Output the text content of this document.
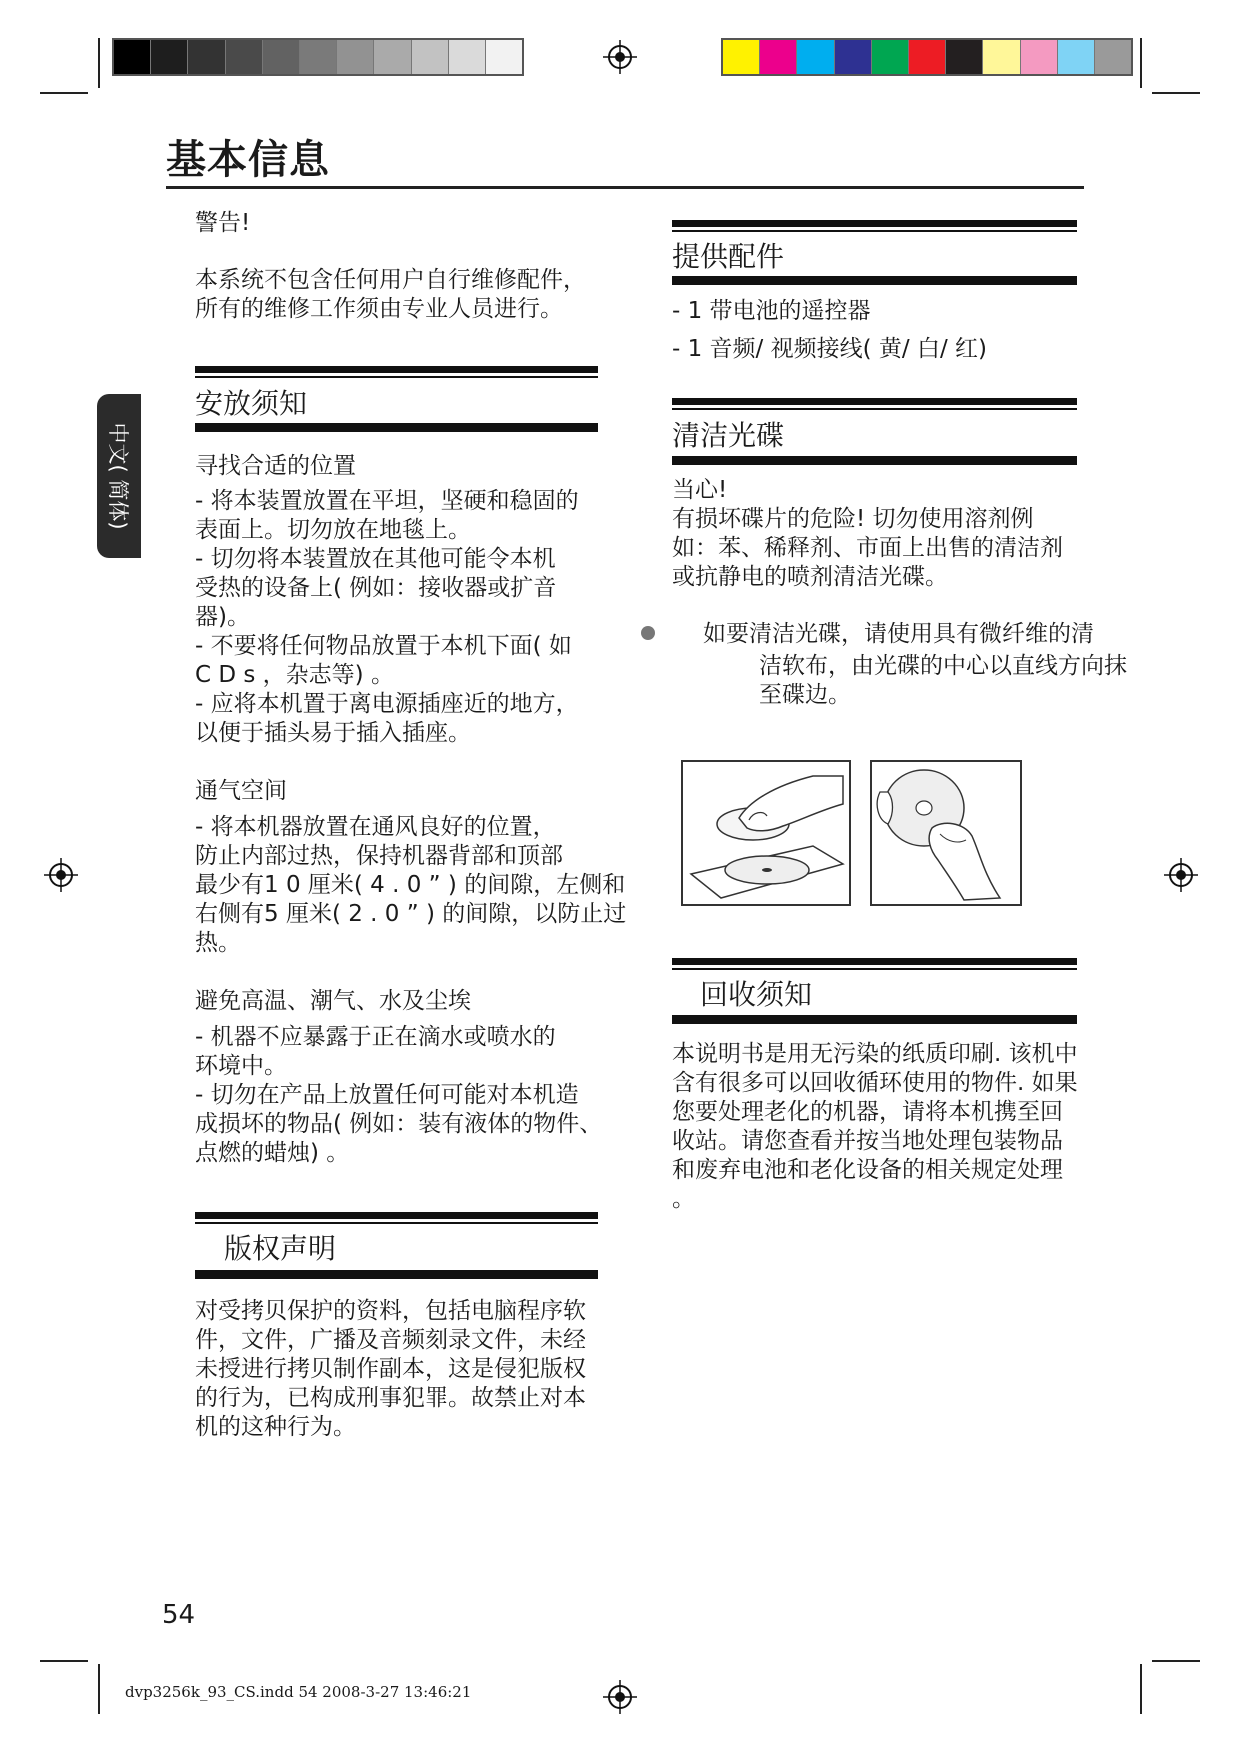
基本信息
中文( 简体)
警告!
本系统不包含任何用户自行维修配件，
所有的维修工作须由专业人员进行。
安放须知
寻找合适的位置
- 将本装置放置在平坦，坚硬和稳固的
表面上。切勿放在地毯上。
- 切勿将本装置放在其他可能令本机
受热的设备上( 例如：接收器或扩音
器)。
- 不要将任何物品放置于本机下面( 如
C D s ，杂志等) 。
- 应将本机置于离电源插座近的地方，
以便于插头易于插入插座。
通气空间
- 将本机器放置在通风良好的位置，
防止内部过热，保持机器背部和顶部
最少有1 0 厘米( 4 . 0 ” ) 的间隙，左侧和
右侧有5 厘米( 2 . 0 ” ) 的间隙，以防止过
热。
避免高温、潮气、水及尘埃
- 机器不应暴露于正在滴水或喷水的
环境中。
- 切勿在产品上放置任何可能对本机造
成损坏的物品( 例如：装有液体的物件、
点燃的蜡烛) 。
版权声明
对受拷贝保护的资料，包括电脑程序软
件，文件，广播及音频刻录文件，未经
未授进行拷贝制作副本，这是侵犯版权
的行为，已构成刑事犯罪。故禁止对本
机的这种行为。
提供配件
- 1 带电池的遥控器
- 1 音频/ 视频接线( 黄/ 白/ 红)
清洁光碟
当心!
有损坏碟片的危险! 切勿使用溶剂例
如：苯、稀释剂、市面上出售的清洁剂
或抗静电的喷剂清洁光碟。
如要清洁光碟，请使用具有微纤维的清
洁软布，由光碟的中心以直线方向抹
至碟边。
回收须知
本说明书是用无污染的纸质印刷. 该机中
含有很多可以回收循环使用的物件. 如果
您要处理老化的机器，请将本机携至回
收站。请您查看并按当地处理包装物品
和废弃电池和老化设备的相关规定处理
。
54
dvp3256k_93_CS.indd 54 2008-3-27 13:46:21
